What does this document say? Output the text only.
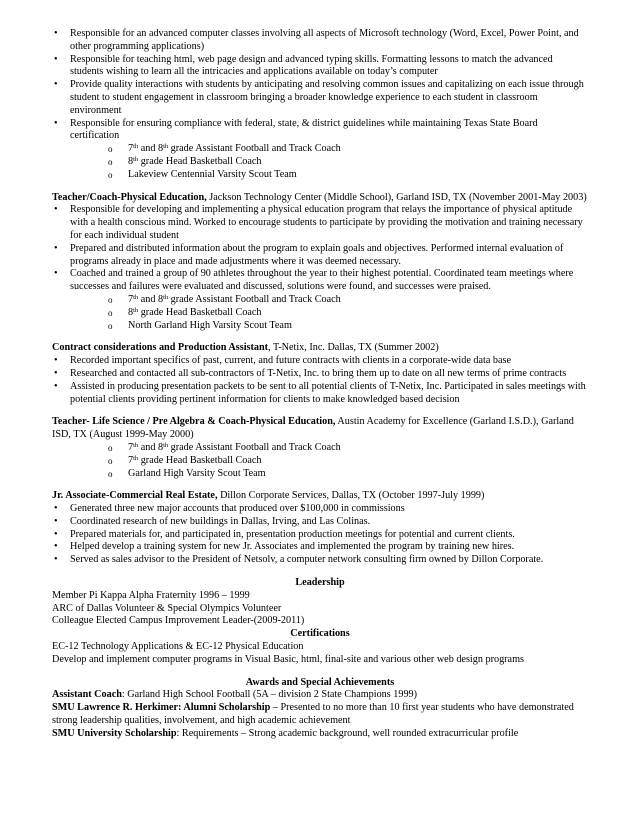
• Responsible for an advanced computer classes involving all aspects of Microsoft technology (Word, Excel, Power Point, and other programming applications)
• Responsible for teaching html, web page design and advanced typing skills. Formatting lessons to match the advanced students wishing to learn all the intricacies and applications available on today’s computer
• Provide quality interactions with students by anticipating and resolving common issues and capitalizing on each issue through student to student engagement in classroom bringing a broader knowledge experience to each student in classroom environment
• Responsible for ensuring compliance with federal, state, & district guidelines while maintaining Texas State Board certification
o 7th and 8th grade Assistant Football and Track Coach
o 8th grade Head Basketball Coach
o Lakeview Centennial Varsity Scout Team
Teacher/Coach-Physical Education, Jackson Technology Center (Middle School), Garland ISD, TX (November 2001-May 2003)
• Responsible for developing and implementing a physical education program that relays the importance of physical aptitude with a health conscious mind. Worked to encourage students to participate by providing the motivation and training necessary for each individual student
• Prepared and distributed information about the program to explain goals and objectives. Performed internal evaluation of programs already in place and made adjustments where it was deemed necessary.
• Coached and trained a group of 90 athletes throughout the year to their highest potential. Coordinated team meetings where successes and failures were evaluated and discussed, solutions were found, and successes were praised.
o 7th and 8th grade Assistant Football and Track Coach
o 8th grade Head Basketball Coach
o North Garland High Varsity Scout Team
Contract considerations and Production Assistant, T-Netix, Inc. Dallas, TX (Summer 2002)
• Recorded important specifics of past, current, and future contracts with clients in a corporate-wide data base
• Researched and contacted all sub-contractors of T-Netix, Inc. to bring them up to date on all new terms of prime contracts
• Assisted in producing presentation packets to be sent to all potential clients of T-Netix, Inc. Participated in sales meetings with potential clients providing pertinent information for clients to make knowledged based decision
Teacher- Life Science / Pre Algebra & Coach-Physical Education, Austin Academy for Excellence (Garland I.S.D.), Garland ISD, TX (August 1999-May 2000)
o 7th and 8th grade Assistant Football and Track Coach
o 7th grade Head Basketball Coach
o Garland High Varsity Scout Team
Jr. Associate-Commercial Real Estate, Dillon Corporate Services, Dallas, TX (October 1997-July 1999)
• Generated three new major accounts that produced over $100,000 in commissions
• Coordinated research of new buildings in Dallas, Irving, and Las Colinas.
• Prepared materials for, and participated in, presentation production meetings for potential and current clients.
• Helped develop a training system for new Jr. Associates and implemented the program by training new hires.
• Served as sales advisor to the President of Netsolv, a computer network consulting firm owned by Dillon Corporate.
Leadership
Member Pi Kappa Alpha Fraternity 1996 – 1999
ARC of Dallas Volunteer & Special Olympics Volunteer
Colleague Elected Campus Improvement Leader-(2009-2011)
Certifications
EC-12 Technology Applications & EC-12 Physical Education
Develop and implement computer programs in Visual Basic, html, final-site and various other web design programs
Awards and Special Achievements
Assistant Coach: Garland High School Football (5A – division 2 State Champions 1999)
SMU Lawrence R. Herkimer: Alumni Scholarship – Presented to no more than 10 first year students who have demonstrated strong leadership qualities, involvement, and high academic achievement
SMU University Scholarship: Requirements – Strong academic background, well rounded extracurricular profile
